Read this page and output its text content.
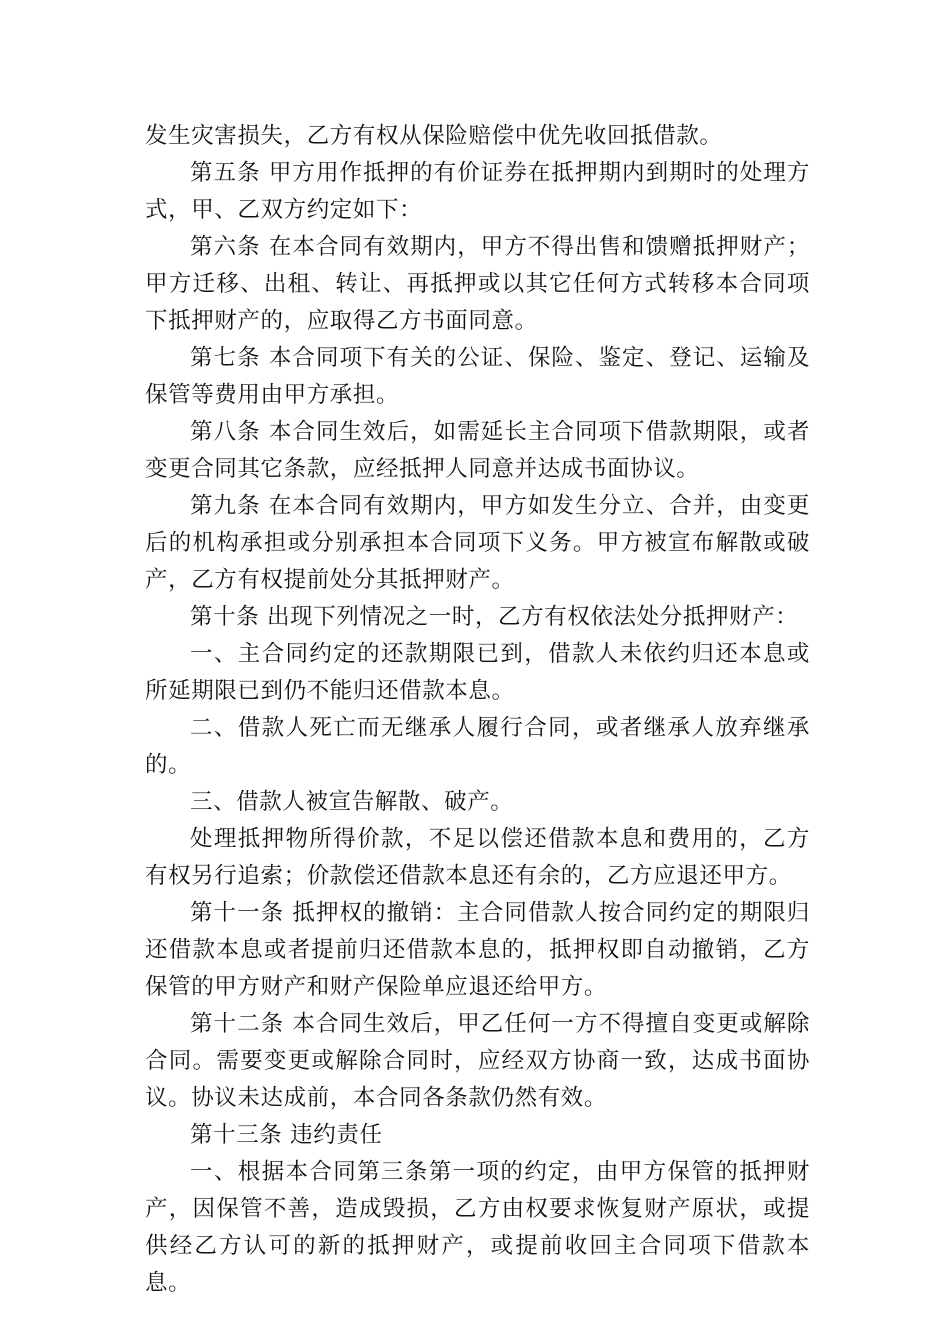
发生灾害损失，乙方有权从保险赔偿中优先收回抵借款。

第五条 甲方用作抵押的有价证券在抵押期内到期时的处理方式，甲、乙双方约定如下：

第六条 在本合同有效期内，甲方不得出售和馈赠抵押财产；甲方迁移、出租、转让、再抵押或以其它任何方式转移本合同项下抵押财产的，应取得乙方书面同意。

第七条 本合同项下有关的公证、保险、鉴定、登记、运输及保管等费用由甲方承担。

第八条 本合同生效后，如需延长主合同项下借款期限，或者变更合同其它条款，应经抵押人同意并达成书面协议。

第九条 在本合同有效期内，甲方如发生分立、合并，由变更后的机构承担或分别承担本合同项下义务。甲方被宣布解散或破产，乙方有权提前处分其抵押财产。

第十条 出现下列情况之一时，乙方有权依法处分抵押财产：

一、主合同约定的还款期限已到，借款人未依约归还本息或所延期限已到仍不能归还借款本息。

二、借款人死亡而无继承人履行合同，或者继承人放弃继承的。

三、借款人被宣告解散、破产。

处理抵押物所得价款，不足以偿还借款本息和费用的，乙方有权另行追索；价款偿还借款本息还有余的，乙方应退还甲方。

第十一条 抵押权的撤销：主合同借款人按合同约定的期限归还借款本息或者提前归还借款本息的，抵押权即自动撤销，乙方保管的甲方财产和财产保险单应退还给甲方。

第十二条 本合同生效后，甲乙任何一方不得擅自变更或解除合同。需要变更或解除合同时，应经双方协商一致，达成书面协议。协议未达成前，本合同各条款仍然有效。

第十三条 违约责任

一、根据本合同第三条第一项的约定，由甲方保管的抵押财产，因保管不善，造成毁损，乙方由权要求恢复财产原状，或提供经乙方认可的新的抵押财产，或提前收回主合同项下借款本息。
